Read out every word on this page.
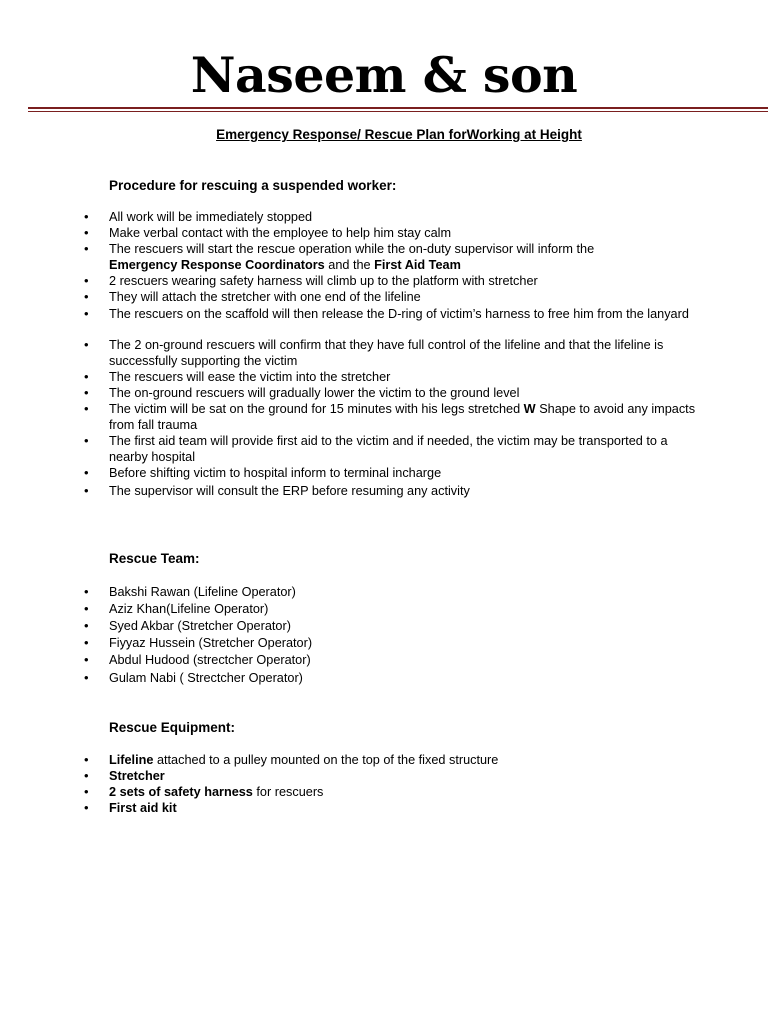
Naseem & son
Emergency Response/ Rescue Plan forWorking at Height
Procedure for rescuing a suspended worker:
• All work will be immediately stopped
• Make verbal contact with the employee to help him stay calm
• The rescuers will start the rescue operation while the on-duty supervisor will inform the
Emergency Response Coordinators and the First Aid Team
• 2 rescuers wearing safety harness will climb up to the platform with stretcher
• They will attach the stretcher with one end of the lifeline
• The rescuers on the scaffold will then release the D-ring of victim’s harness to free him from the lanyard
• The 2 on-ground rescuers will confirm that they have full control of the lifeline and that the lifeline is successfully supporting the victim
• The rescuers will ease the victim into the stretcher
• The on-ground rescuers will gradually lower the victim to the ground level
• The victim will be sat on the ground for 15 minutes with his legs stretched W Shape to avoid any impacts from fall trauma
• The first aid team will provide first aid to the victim and if needed, the victim may be transported to a nearby hospital
• Before shifting victim to hospital inform to terminal incharge
• The supervisor will consult the ERP before resuming any activity
Rescue Team:
• Bakshi Rawan (Lifeline Operator)
• Aziz Khan(Lifeline Operator)
• Syed Akbar (Stretcher Operator)
• Fiyyaz Hussein (Stretcher Operator)
• Abdul Hudood (strectcher Operator)
• Gulam Nabi ( Strectcher Operator)
Rescue Equipment:
• Lifeline attached to a pulley mounted on the top of the fixed structure
• Stretcher
• 2 sets of safety harness for rescuers
• First aid kit
